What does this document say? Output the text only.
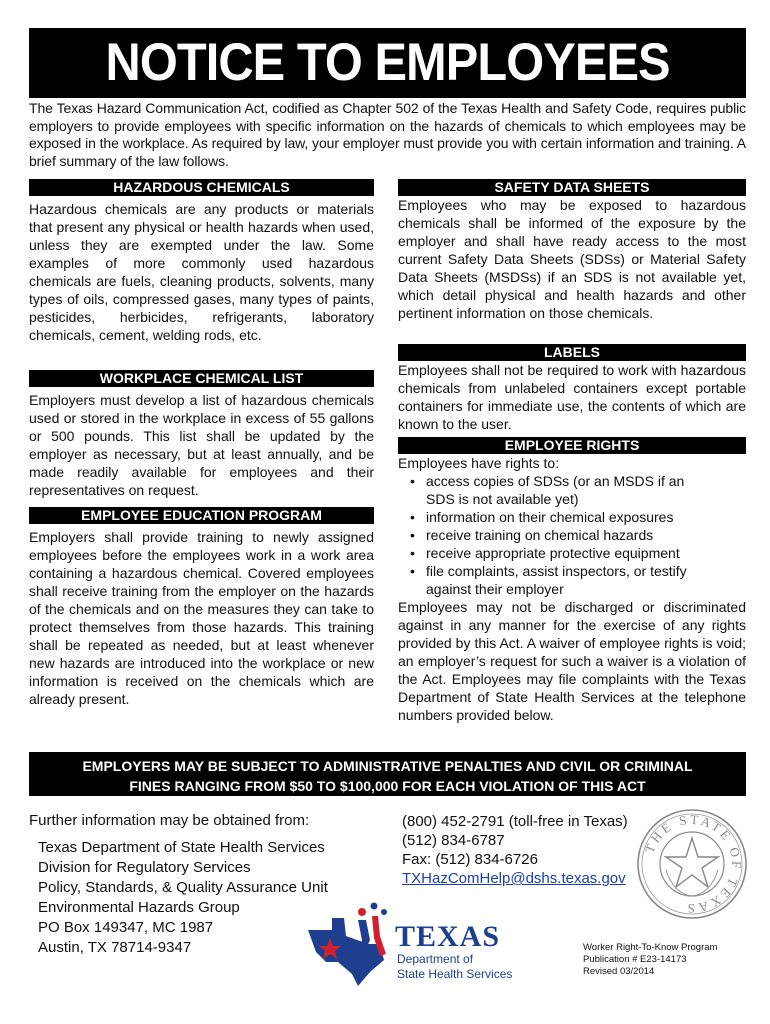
NOTICE TO EMPLOYEES
The Texas Hazard Communication Act, codified as Chapter 502 of the Texas Health and Safety Code, requires public employers to provide employees with specific information on the hazards of chemicals to which employees may be exposed in the workplace. As required by law, your employer must provide you with certain information and training. A brief summary of the law follows.
HAZARDOUS CHEMICALS

Hazardous chemicals are any products or materials that present any physical or health hazards when used, unless they are exempted under the law. Some examples of more commonly used hazardous chemicals are fuels, cleaning products, solvents, many types of oils, compressed gases, many types of paints, pesticides, herbicides, refrigerants, laboratory chemicals, cement, welding rods, etc.

WORKPLACE CHEMICAL LIST

Employers must develop a list of hazardous chemicals used or stored in the workplace in excess of 55 gallons or 500 pounds. This list shall be updated by the employer as necessary, but at least annually, and be made readily available for employees and their representatives on request.

EMPLOYEE EDUCATION PROGRAM

Employers shall provide training to newly assigned employees before the employees work in a work area containing a hazardous chemical. Covered employees shall receive training from the employer on the hazards of the chemicals and on the measures they can take to protect themselves from those hazards. This training shall be repeated as needed, but at least whenever new hazards are introduced into the workplace or new information is received on the chemicals which are already present.

SAFETY DATA SHEETS

Employees who may be exposed to hazardous chemicals shall be informed of the exposure by the employer and shall have ready access to the most current Safety Data Sheets (SDSs) or Material Safety Data Sheets (MSDSs) if an SDS is not available yet, which detail physical and health hazards and other pertinent information on those chemicals.

LABELS

Employees shall not be required to work with hazardous chemicals from unlabeled containers except portable containers for immediate use, the contents of which are known to the user.

EMPLOYEE RIGHTS

Employees have rights to:

• access copies of SDSs (or an MSDS if an SDS is not available yet)
• information on their chemical exposures
• receive training on chemical hazards
• receive appropriate protective equipment
• file complaints, assist inspectors, or testify against their employer

Employees may not be discharged or discriminated against in any manner for the exercise of any rights provided by this Act. A waiver of employee rights is void; an employer’s request for such a waiver is a violation of the Act. Employees may file complaints with the Texas Department of State Health Services at the telephone numbers provided below.

EMPLOYERS MAY BE SUBJECT TO ADMINISTRATIVE PENALTIES AND CIVIL OR CRIMINAL
FINES RANGING FROM $50 TO $100,000 FOR EACH VIOLATION OF THIS ACT
Further information may be obtained from:
Texas Department of State Health Services
Division for Regulatory Services
Policy, Standards, & Quality Assurance Unit
Environmental Hazards Group
PO Box 149347, MC 1987
Austin, TX 78714-9347
(800) 452-2791 (toll-free in Texas)
(512) 834-6787
Fax: (512) 834-6726
TXHazComHelp@dshs.texas.gov
THE STATE OF TEXAS
TEXAS
Department of
State Health Services
Worker Right-To-Know Program
Publication # E23-14173
Revised 03/2014
